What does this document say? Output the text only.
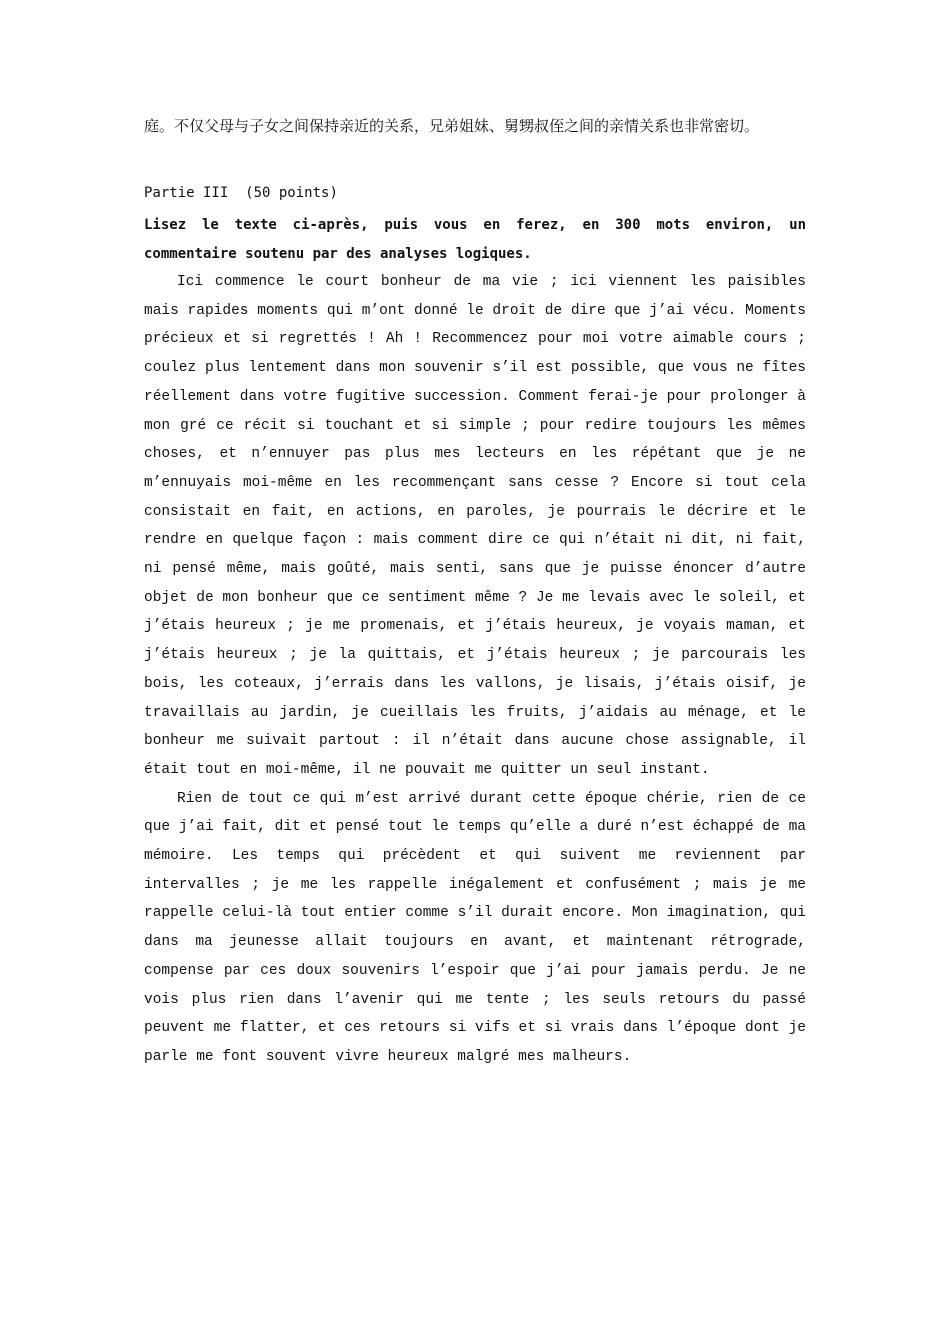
庭。不仅父母与子女之间保持亲近的关系，兄弟姐妹、舅甥叔侄之间的亲情关系也非常密切。
Partie III (50 points)
Lisez le texte ci-après, puis vous en ferez, en 300 mots environ, un commentaire soutenu par des analyses logiques.

Ici commence le court bonheur de ma vie ; ici viennent les paisibles mais rapides moments qui m’ont donné le droit de dire que j’ai vécu. Moments précieux et si regrettés ! Ah ! Recommencez pour moi votre aimable cours ; coulez plus lentement dans mon souvenir s’il est possible, que vous ne fîtes réellement dans votre fugitive succession. Comment ferai-je pour prolonger à mon gré ce récit si touchant et si simple ; pour redire toujours les mêmes choses, et n’ennuyer pas plus mes lecteurs en les répétant que je ne m’ennuyais moi-même en les recommençant sans cesse ? Encore si tout cela consistait en fait, en actions, en paroles, je pourrais le décrire et le rendre en quelque façon : mais comment dire ce qui n’était ni dit, ni fait, ni pensé même, mais goûté, mais senti, sans que je puisse énoncer d’autre objet de mon bonheur que ce sentiment même ? Je me levais avec le soleil, et j’étais heureux ; je me promenais, et j’étais heureux, je voyais maman, et j’étais heureux ; je la quittais, et j’étais heureux ; je parcourais les bois, les coteaux, j’errais dans les vallons, je lisais, j’étais oisif, je travaillais au jardin, je cueillais les fruits, j’aidais au ménage, et le bonheur me suivait partout : il n’était dans aucune chose assignable, il était tout en moi-même, il ne pouvait me quitter un seul instant.

Rien de tout ce qui m’est arrivé durant cette époque chérie, rien de ce que j’ai fait, dit et pensé tout le temps qu’elle a duré n’est échappé de ma mémoire. Les temps qui précèdent et qui suivent me reviennent par intervalles ; je me les rappelle inégalement et confusément ; mais je me rappelle celui-là tout entier comme s’il durait encore. Mon imagination, qui dans ma jeunesse allait toujours en avant, et maintenant rétrograde, compense par ces doux souvenirs l’espoir que j’ai pour jamais perdu. Je ne vois plus rien dans l’avenir qui me tente ; les seuls retours du passé peuvent me flatter, et ces retours si vifs et si vrais dans l’époque dont je parle me font souvent vivre heureux malgré mes malheurs.
